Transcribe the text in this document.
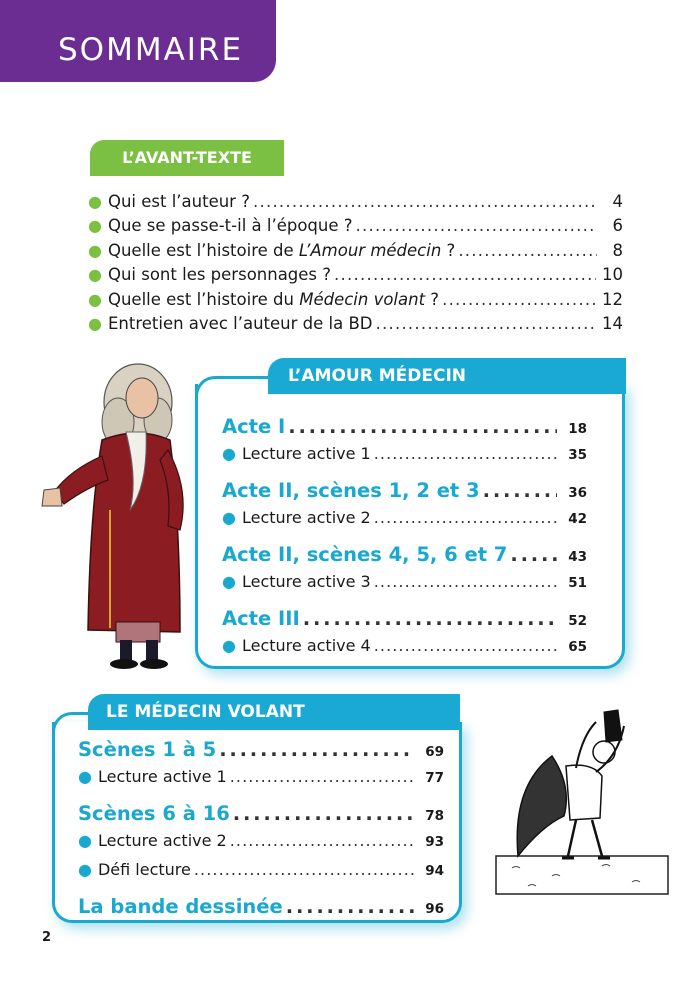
SOMMAIRE
L’AVANT-TEXTE
● Qui est l’auteur ? . . .	4
● Que se passe-t-il à l’époque ? . . .	6
● Quelle est l’histoire de L’Amour médecin ? . . .	8
● Qui sont les personnages ? . . .	10
● Quelle est l’histoire du Médecin volant ? . . .	12
● Entretien avec l’auteur de la BD . . .	14
L’AMOUR MÉDECIN
Acte I . . .	18
● Lecture active 1 . . .	35
Acte II, scènes 1, 2 et 3 . . .	36
● Lecture active 2 . . .	42
Acte II, scènes 4, 5, 6 et 7 . . .	43
● Lecture active 3 . . .	51
Acte III . . .	52
● Lecture active 4 . . .	65
LE MÉDECIN VOLANT
Scènes 1 à 5 . . .	69
● Lecture active 1 . . .	77
Scènes 6 à 16 . . .	78
● Lecture active 2 . . .	93
● Défi lecture . . .	94
La bande dessinée . . .	96
2
